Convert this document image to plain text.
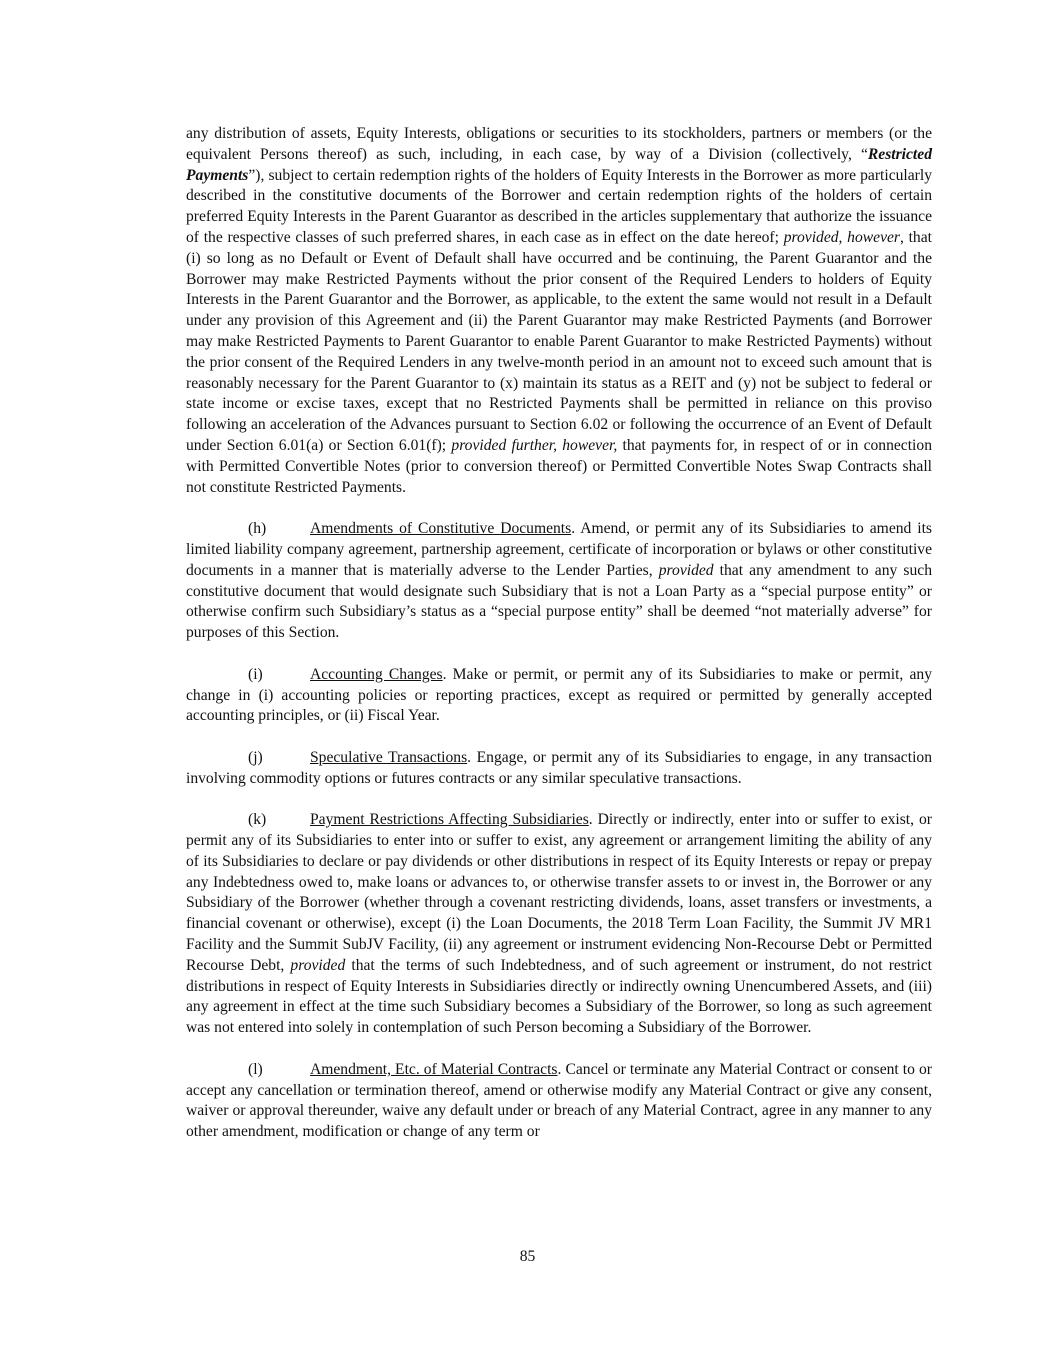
any distribution of assets, Equity Interests, obligations or securities to its stockholders, partners or members (or the equivalent Persons thereof) as such, including, in each case, by way of a Division (collectively, “Restricted Payments”), subject to certain redemption rights of the holders of Equity Interests in the Borrower as more particularly described in the constitutive documents of the Borrower and certain redemption rights of the holders of certain preferred Equity Interests in the Parent Guarantor as described in the articles supplementary that authorize the issuance of the respective classes of such preferred shares, in each case as in effect on the date hereof; provided, however, that (i) so long as no Default or Event of Default shall have occurred and be continuing, the Parent Guarantor and the Borrower may make Restricted Payments without the prior consent of the Required Lenders to holders of Equity Interests in the Parent Guarantor and the Borrower, as applicable, to the extent the same would not result in a Default under any provision of this Agreement and (ii) the Parent Guarantor may make Restricted Payments (and Borrower may make Restricted Payments to Parent Guarantor to enable Parent Guarantor to make Restricted Payments) without the prior consent of the Required Lenders in any twelve-month period in an amount not to exceed such amount that is reasonably necessary for the Parent Guarantor to (x) maintain its status as a REIT and (y) not be subject to federal or state income or excise taxes, except that no Restricted Payments shall be permitted in reliance on this proviso following an acceleration of the Advances pursuant to Section 6.02 or following the occurrence of an Event of Default under Section 6.01(a) or Section 6.01(f); provided further, however, that payments for, in respect of or in connection with Permitted Convertible Notes (prior to conversion thereof) or Permitted Convertible Notes Swap Contracts shall not constitute Restricted Payments.

(h)	Amendments of Constitutive Documents. Amend, or permit any of its Subsidiaries to amend its limited liability company agreement, partnership agreement, certificate of incorporation or bylaws or other constitutive documents in a manner that is materially adverse to the Lender Parties, provided that any amendment to any such constitutive document that would designate such Subsidiary that is not a Loan Party as a “special purpose entity” or otherwise confirm such Subsidiary’s status as a “special purpose entity” shall be deemed “not materially adverse” for purposes of this Section.

(i)	Accounting Changes. Make or permit, or permit any of its Subsidiaries to make or permit, any change in (i) accounting policies or reporting practices, except as required or permitted by generally accepted accounting principles, or (ii) Fiscal Year.

(j)	Speculative Transactions. Engage, or permit any of its Subsidiaries to engage, in any transaction involving commodity options or futures contracts or any similar speculative transactions.

(k)	Payment Restrictions Affecting Subsidiaries. Directly or indirectly, enter into or suffer to exist, or permit any of its Subsidiaries to enter into or suffer to exist, any agreement or arrangement limiting the ability of any of its Subsidiaries to declare or pay dividends or other distributions in respect of its Equity Interests or repay or prepay any Indebtedness owed to, make loans or advances to, or otherwise transfer assets to or invest in, the Borrower or any Subsidiary of the Borrower (whether through a covenant restricting dividends, loans, asset transfers or investments, a financial covenant or otherwise), except (i) the Loan Documents, the 2018 Term Loan Facility, the Summit JV MR1 Facility and the Summit SubJV Facility, (ii) any agreement or instrument evidencing Non-Recourse Debt or Permitted Recourse Debt, provided that the terms of such Indebtedness, and of such agreement or instrument, do not restrict distributions in respect of Equity Interests in Subsidiaries directly or indirectly owning Unencumbered Assets, and (iii) any agreement in effect at the time such Subsidiary becomes a Subsidiary of the Borrower, so long as such agreement was not entered into solely in contemplation of such Person becoming a Subsidiary of the Borrower.

(l)	Amendment, Etc. of Material Contracts. Cancel or terminate any Material Contract or consent to or accept any cancellation or termination thereof, amend or otherwise modify any Material Contract or give any consent, waiver or approval thereunder, waive any default under or breach of any Material Contract, agree in any manner to any other amendment, modification or change of any term or

85
